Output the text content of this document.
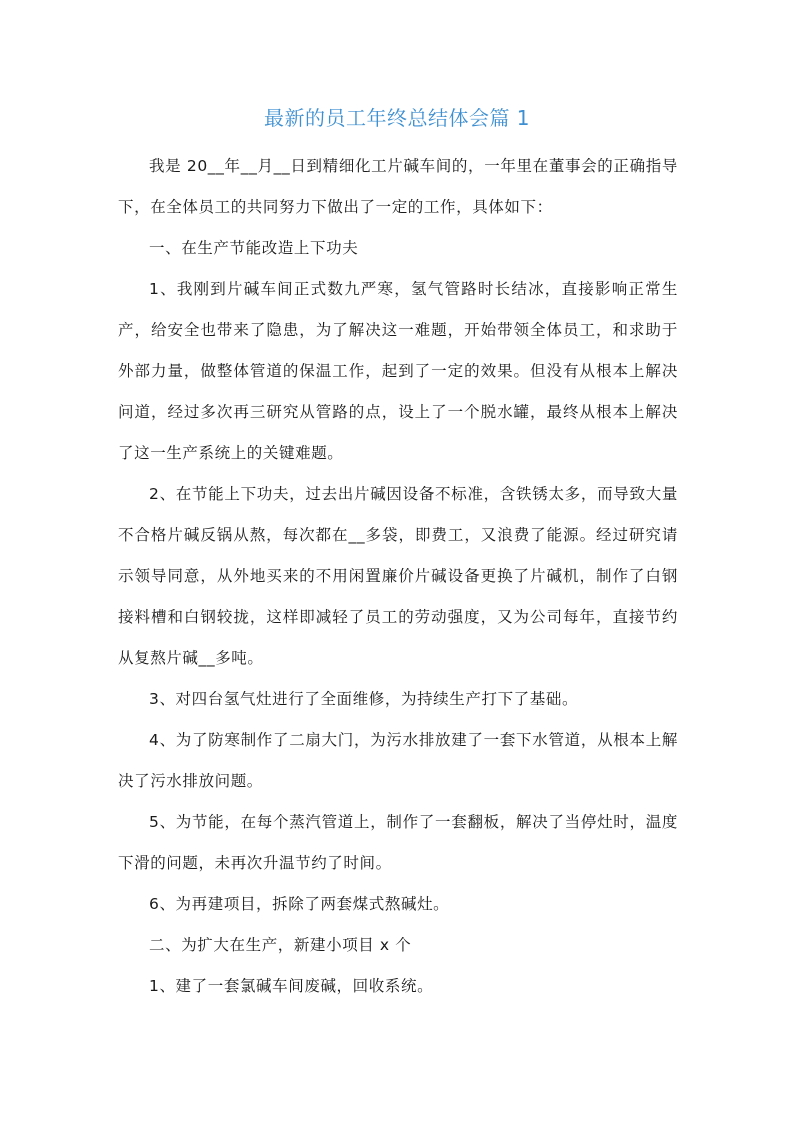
最新的员工年终总结体会篇 1

我是 20__年__月__日到精细化工片碱车间的，一年里在董事会的正确指导下，在全体员工的共同努力下做出了一定的工作，具体如下：

一、在生产节能改造上下功夫

1、我刚到片碱车间正式数九严寒，氢气管路时长结冰，直接影响正常生产，给安全也带来了隐患，为了解决这一难题，开始带领全体员工，和求助于外部力量，做整体管道的保温工作，起到了一定的效果。但没有从根本上解决问道，经过多次再三研究从管路的点，设上了一个脱水罐，最终从根本上解决了这一生产系统上的关键难题。

2、在节能上下功夫，过去出片碱因设备不标准，含铁锈太多，而导致大量不合格片碱反锅从熬，每次都在__多袋，即费工，又浪费了能源。经过研究请示领导同意，从外地买来的不用闲置廉价片碱设备更换了片碱机，制作了白钢接料槽和白钢较拢，这样即减轻了员工的劳动强度，又为公司每年，直接节约从复熬片碱__多吨。

3、对四台氢气灶进行了全面维修，为持续生产打下了基础。

4、为了防寒制作了二扇大门，为污水排放建了一套下水管道，从根本上解决了污水排放问题。

5、为节能，在每个蒸汽管道上，制作了一套翻板，解决了当停灶时，温度下滑的问题，未再次升温节约了时间。

6、为再建项目，拆除了两套煤式熬碱灶。

二、为扩大在生产，新建小项目 x 个

1、建了一套氯碱车间废碱，回收系统。
